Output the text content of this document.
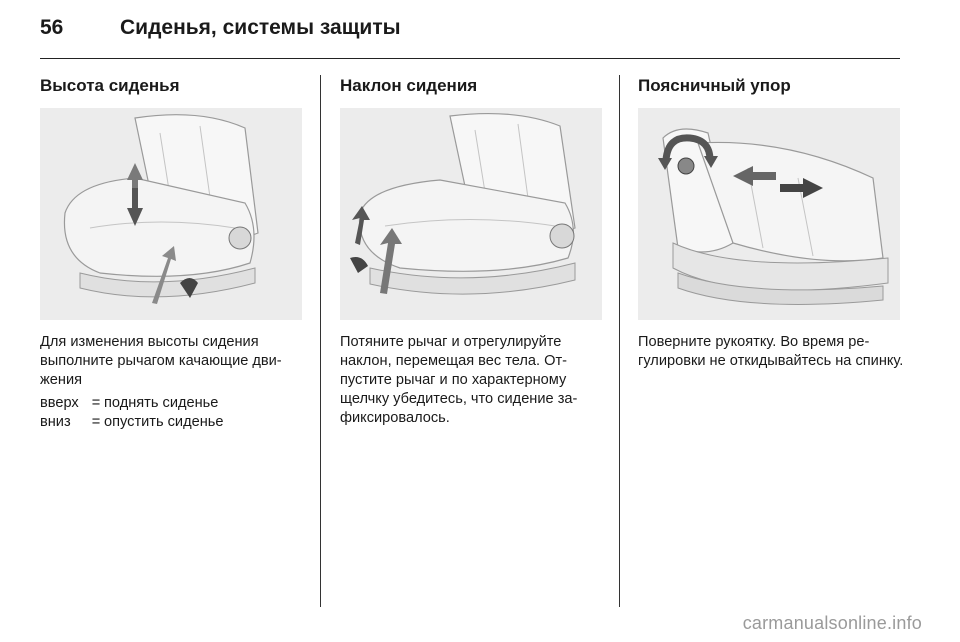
56	Сиденья, системы защиты
Высота сиденья

Для изменения высоты сидения выполните рычагом качающие дви-жения

вверх = поднять сиденье
вниз	= опустить сиденье
Наклон сидения

Потяните рычаг и отрегулируйте наклон, перемещая вес тела. От-пустите рычаг и по характерному щелчку убедитесь, что сидение за-фиксировалось.

Поясничный упор

Поверните рукоятку. Во время ре-гулировки не откидывайтесь на спинку.

carmanualsonline.info
